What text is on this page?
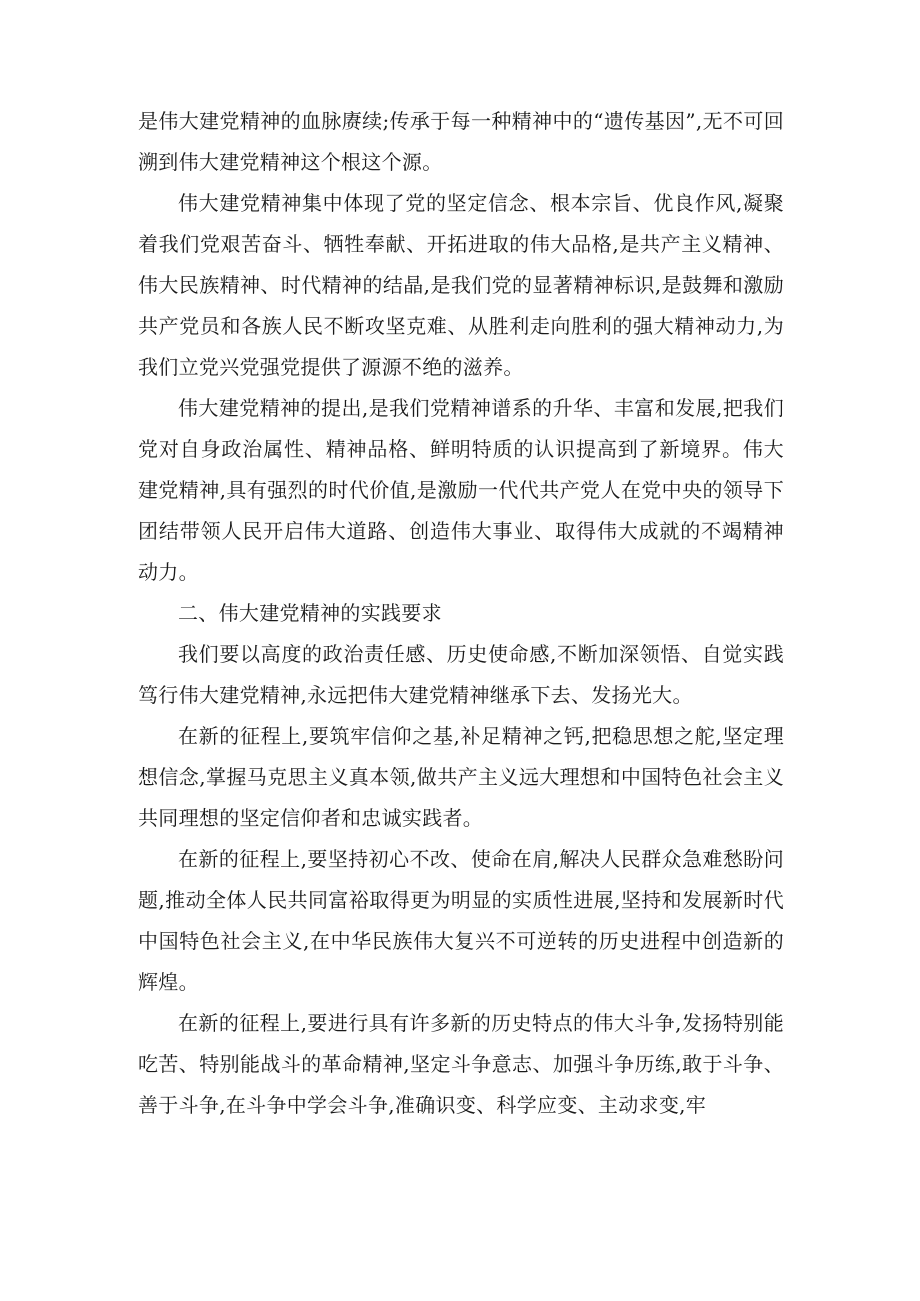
是伟大建党精神的血脉赓续;传承于每一种精神中的“遗传基因”,无不可回溯到伟大建党精神这个根这个源。

伟大建党精神集中体现了党的坚定信念、根本宗旨、优良作风,凝聚着我们党艰苦奋斗、牺牲奉献、开拓进取的伟大品格,是共产主义精神、伟大民族精神、时代精神的结晶,是我们党的显著精神标识,是鼓舞和激励共产党员和各族人民不断攻坚克难、从胜利走向胜利的强大精神动力,为我们立党兴党强党提供了源源不绝的滋养。

伟大建党精神的提出,是我们党精神谱系的升华、丰富和发展,把我们党对自身政治属性、精神品格、鲜明特质的认识提高到了新境界。伟大建党精神,具有强烈的时代价值,是激励一代代共产党人在党中央的领导下团结带领人民开启伟大道路、创造伟大事业、取得伟大成就的不竭精神动力。

二、伟大建党精神的实践要求

我们要以高度的政治责任感、历史使命感,不断加深领悟、自觉实践笃行伟大建党精神,永远把伟大建党精神继承下去、发扬光大。

在新的征程上,要筑牢信仰之基,补足精神之钙,把稳思想之舵,坚定理想信念,掌握马克思主义真本领,做共产主义远大理想和中国特色社会主义共同理想的坚定信仰者和忠诚实践者。

在新的征程上,要坚持初心不改、使命在肩,解决人民群众急难愁盼问题,推动全体人民共同富裕取得更为明显的实质性进展,坚持和发展新时代中国特色社会主义,在中华民族伟大复兴不可逆转的历史进程中创造新的辉煌。

在新的征程上,要进行具有许多新的历史特点的伟大斗争,发扬特别能吃苦、特别能战斗的革命精神,坚定斗争意志、加强斗争历练,敢于斗争、善于斗争,在斗争中学会斗争,准确识变、科学应变、主动求变,牢
